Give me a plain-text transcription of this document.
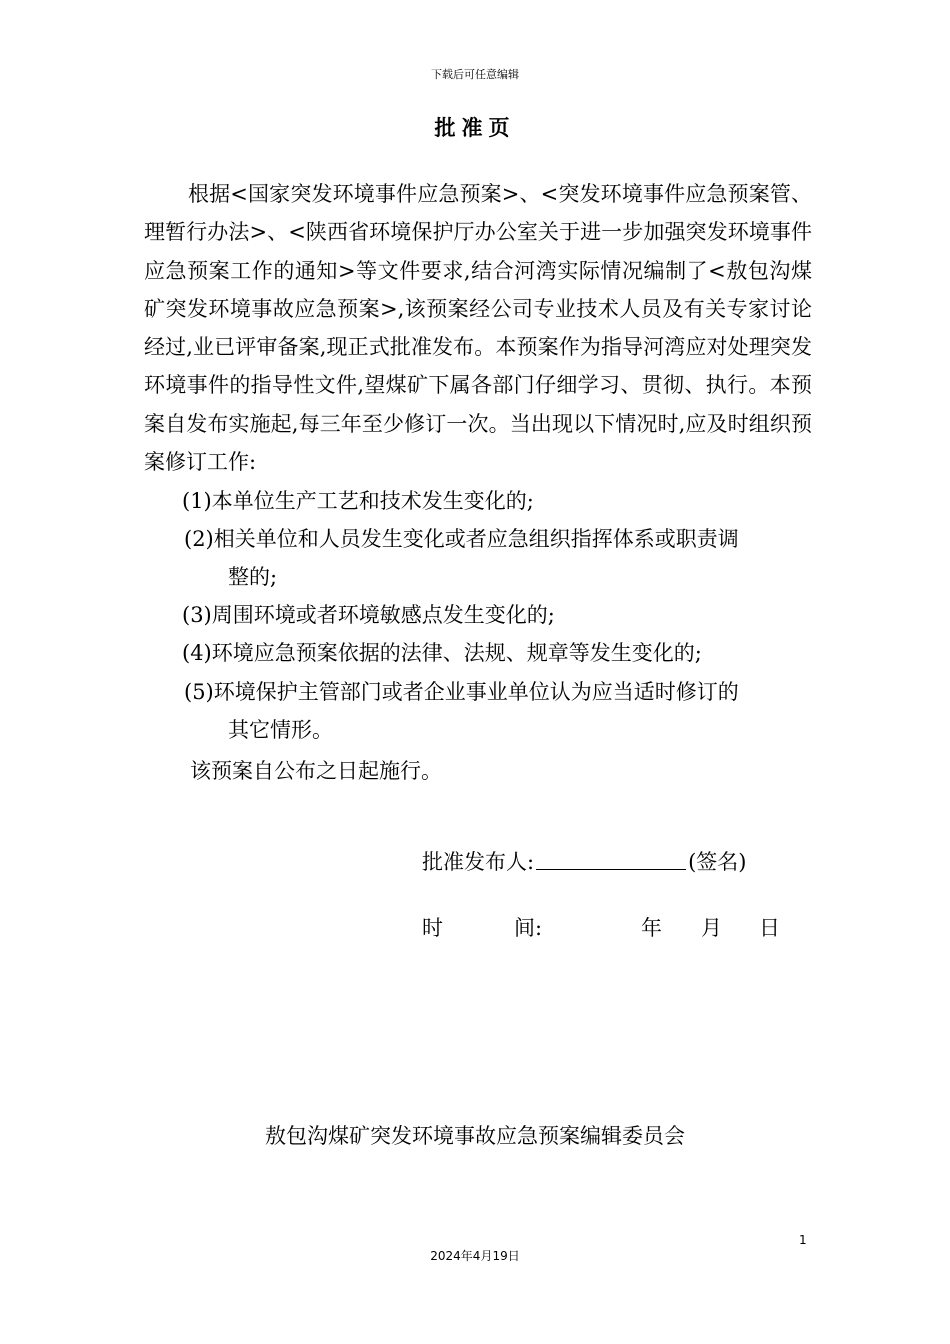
下载后可任意编辑
批准页

根据<国家突发环境事件应急预案>、<突发环境事件应急预案管、理暂行办法>、<陕西省环境保护厅办公室关于进一步加强突发环境事件应急预案工作的通知>等文件要求,结合河湾实际情况编制了<敖包沟煤矿突发环境事故应急预案>,该预案经公司专业技术人员及有关专家讨论经过,业已评审备案,现正式批准发布。本预案作为指导河湾应对处理突发环境事件的指导性文件,望煤矿下属各部门仔细学习、贯彻、执行。本预案自发布实施起,每三年至少修订一次。当出现以下情况时,应及时组织预案修订工作:

(1)本单位生产工艺和技术发生变化的;
(2)相关单位和人员发生变化或者应急组织指挥体系或职责调

整的;
(3)周围环境或者环境敏感点发生变化的;
(4)环境应急预案依据的法律、法规、规章等发生变化的;
(5)环境保护主管部门或者企业事业单位认为应当适时修订的

其它情形。
该预案自公布之日起施行。
批准发布人:	(签名)
时	间:	年 月 日
敖包沟煤矿突发环境事故应急预案编辑委员会
1
2024年4月19日
